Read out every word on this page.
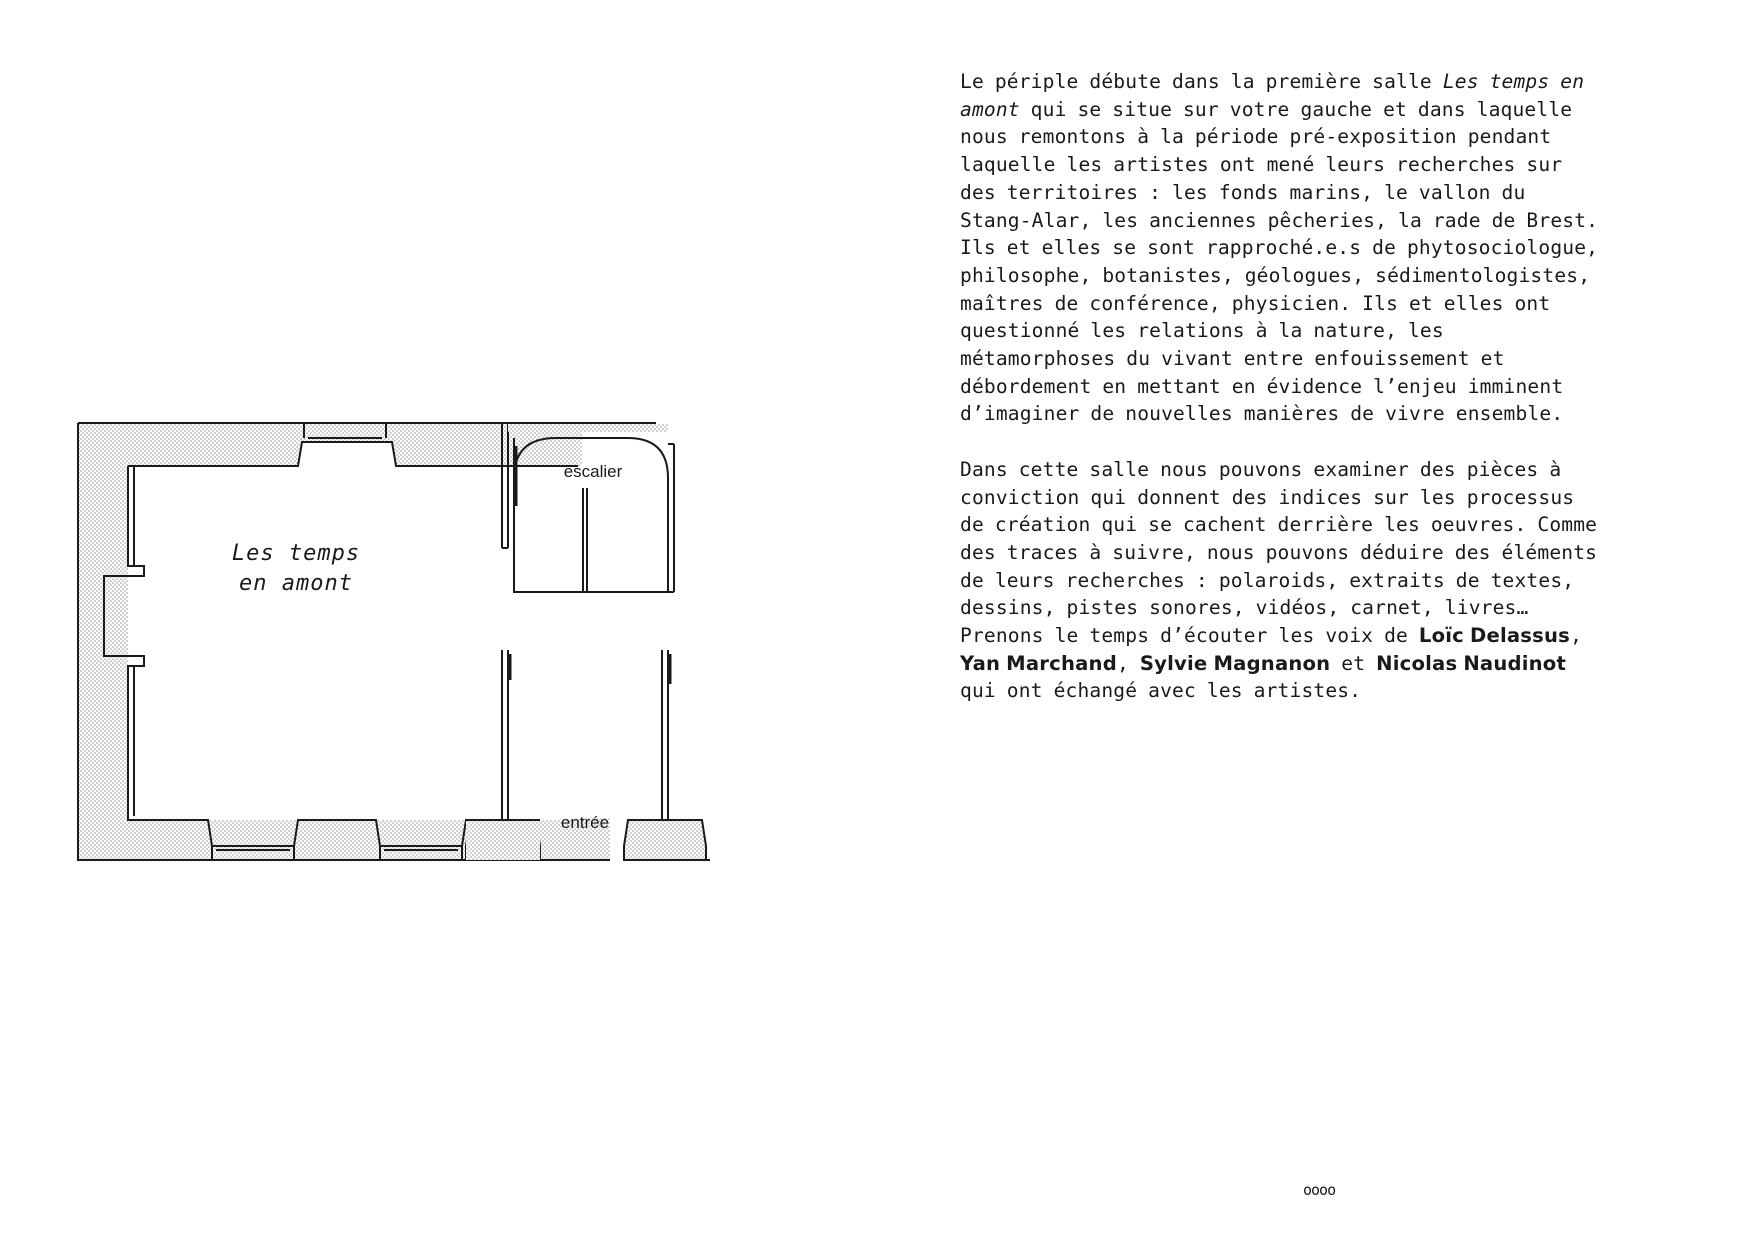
Les temps
en amont
escalier
entrée

Le périple débute dans la première salle Les temps en amont qui se situe sur votre gauche et dans laquelle nous remontons à la période pré-exposition pendant laquelle les artistes ont mené leurs recherches sur des territoires : les fonds marins, le vallon du Stang-Alar, les anciennes pêcheries, la rade de Brest. Ils et elles se sont rapproché.e.s de phytosociologue, philosophe, botanistes, géologues, sédimentologistes, maîtres de conférence, physicien. Ils et elles ont questionné les relations à la nature, les métamorphoses du vivant entre enfouissement et débordement en mettant en évidence l’enjeu imminent d’imaginer de nouvelles manières de vivre ensemble.

Dans cette salle nous pouvons examiner des pièces à conviction qui donnent des indices sur les processus de création qui se cachent derrière les oeuvres. Comme des traces à suivre, nous pouvons déduire des éléments de leurs recherches : polaroids, extraits de textes, dessins, pistes sonores, vidéos, carnet, livres…

Prenons le temps d’écouter les voix de Loïc Delassus, Yan Marchand, Sylvie Magnanon et Nicolas Naudinot qui ont échangé avec les artistes.

oooo
